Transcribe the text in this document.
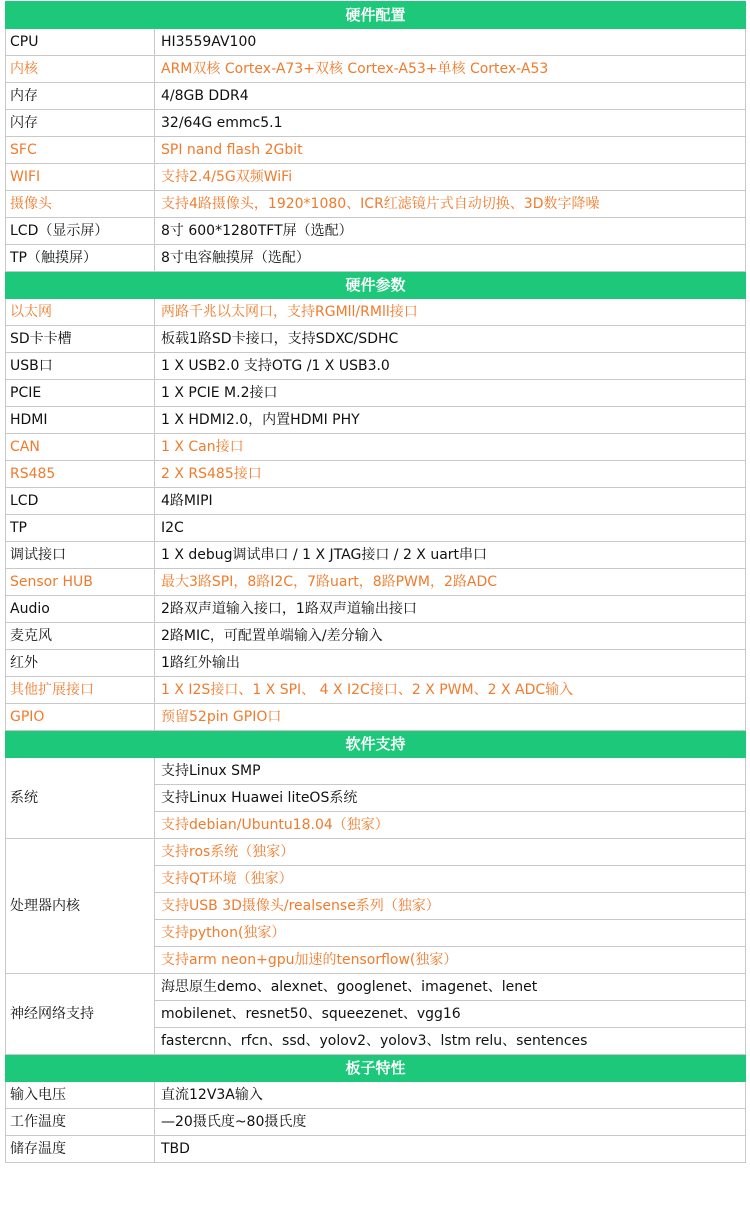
硬件配置	
CPU	HI3559AV100
内核	ARM双核 Cortex-A73+双核 Cortex-A53+单核 Cortex-A53
内存	4/8GB DDR4
闪存	32/64G emmc5.1
SFC	SPI nand flash 2Gbit
WIFI	支持2.4/5G双频WiFi
摄像头	支持4路摄像头，1920*1080、ICR红滤镜片式自动切换、3D数字降噪
LCD（显示屏）	8寸 600*1280TFT屏（选配）
TP（触摸屏）	8寸电容触摸屏（选配）
硬件参数	
以太网	两路千兆以太网口，支持RGMll/RMll接口
SD卡卡槽	板载1路SD卡接口，支持SDXC/SDHC
USB口	1 X USB2.0 支持OTG /1 X USB3.0
PCIE	1 X PCIE M.2接口
HDMI	1 X HDMI2.0，内置HDMI PHY
CAN	1 X Can接口
RS485	2 X RS485接口
LCD	4路MIPI
TP	I2C
调试接口	1 X debug调试串口 / 1 X JTAG接口 / 2 X uart串口
Sensor HUB	最大3路SPI，8路I2C，7路uart，8路PWM，2路ADC
Audio	2路双声道输入接口，1路双声道输出接口
麦克风	2路MIC，可配置单端输入/差分输入
红外	1路红外输出
其他扩展接口	1 X I2S接口、1 X SPI、 4 X I2C接口、2 X PWM、2 X ADC输入
GPIO	预留52pin GPIO口
软件支持	
系统	支持Linux SMP
	支持Linux Huawei liteOS系统
	支持debian/Ubuntu18.04（独家）
处理器内核	支持ros系统（独家）
	支持QT环境（独家）
	支持USB 3D摄像头/realsense系列（独家）
	支持python(独家）
	支持arm neon+gpu加速的tensorflow(独家）
神经网络支持	海思原生demo、alexnet、googlenet、imagenet、lenet
	mobilenet、resnet50、squeezenet、vgg16
	fastercnn、rfcn、ssd、yolov2、yolov3、lstm relu、sentences
板子特性	
输入电压	直流12V3A输入
工作温度	—20摄氏度~80摄氏度
储存温度	TBD
